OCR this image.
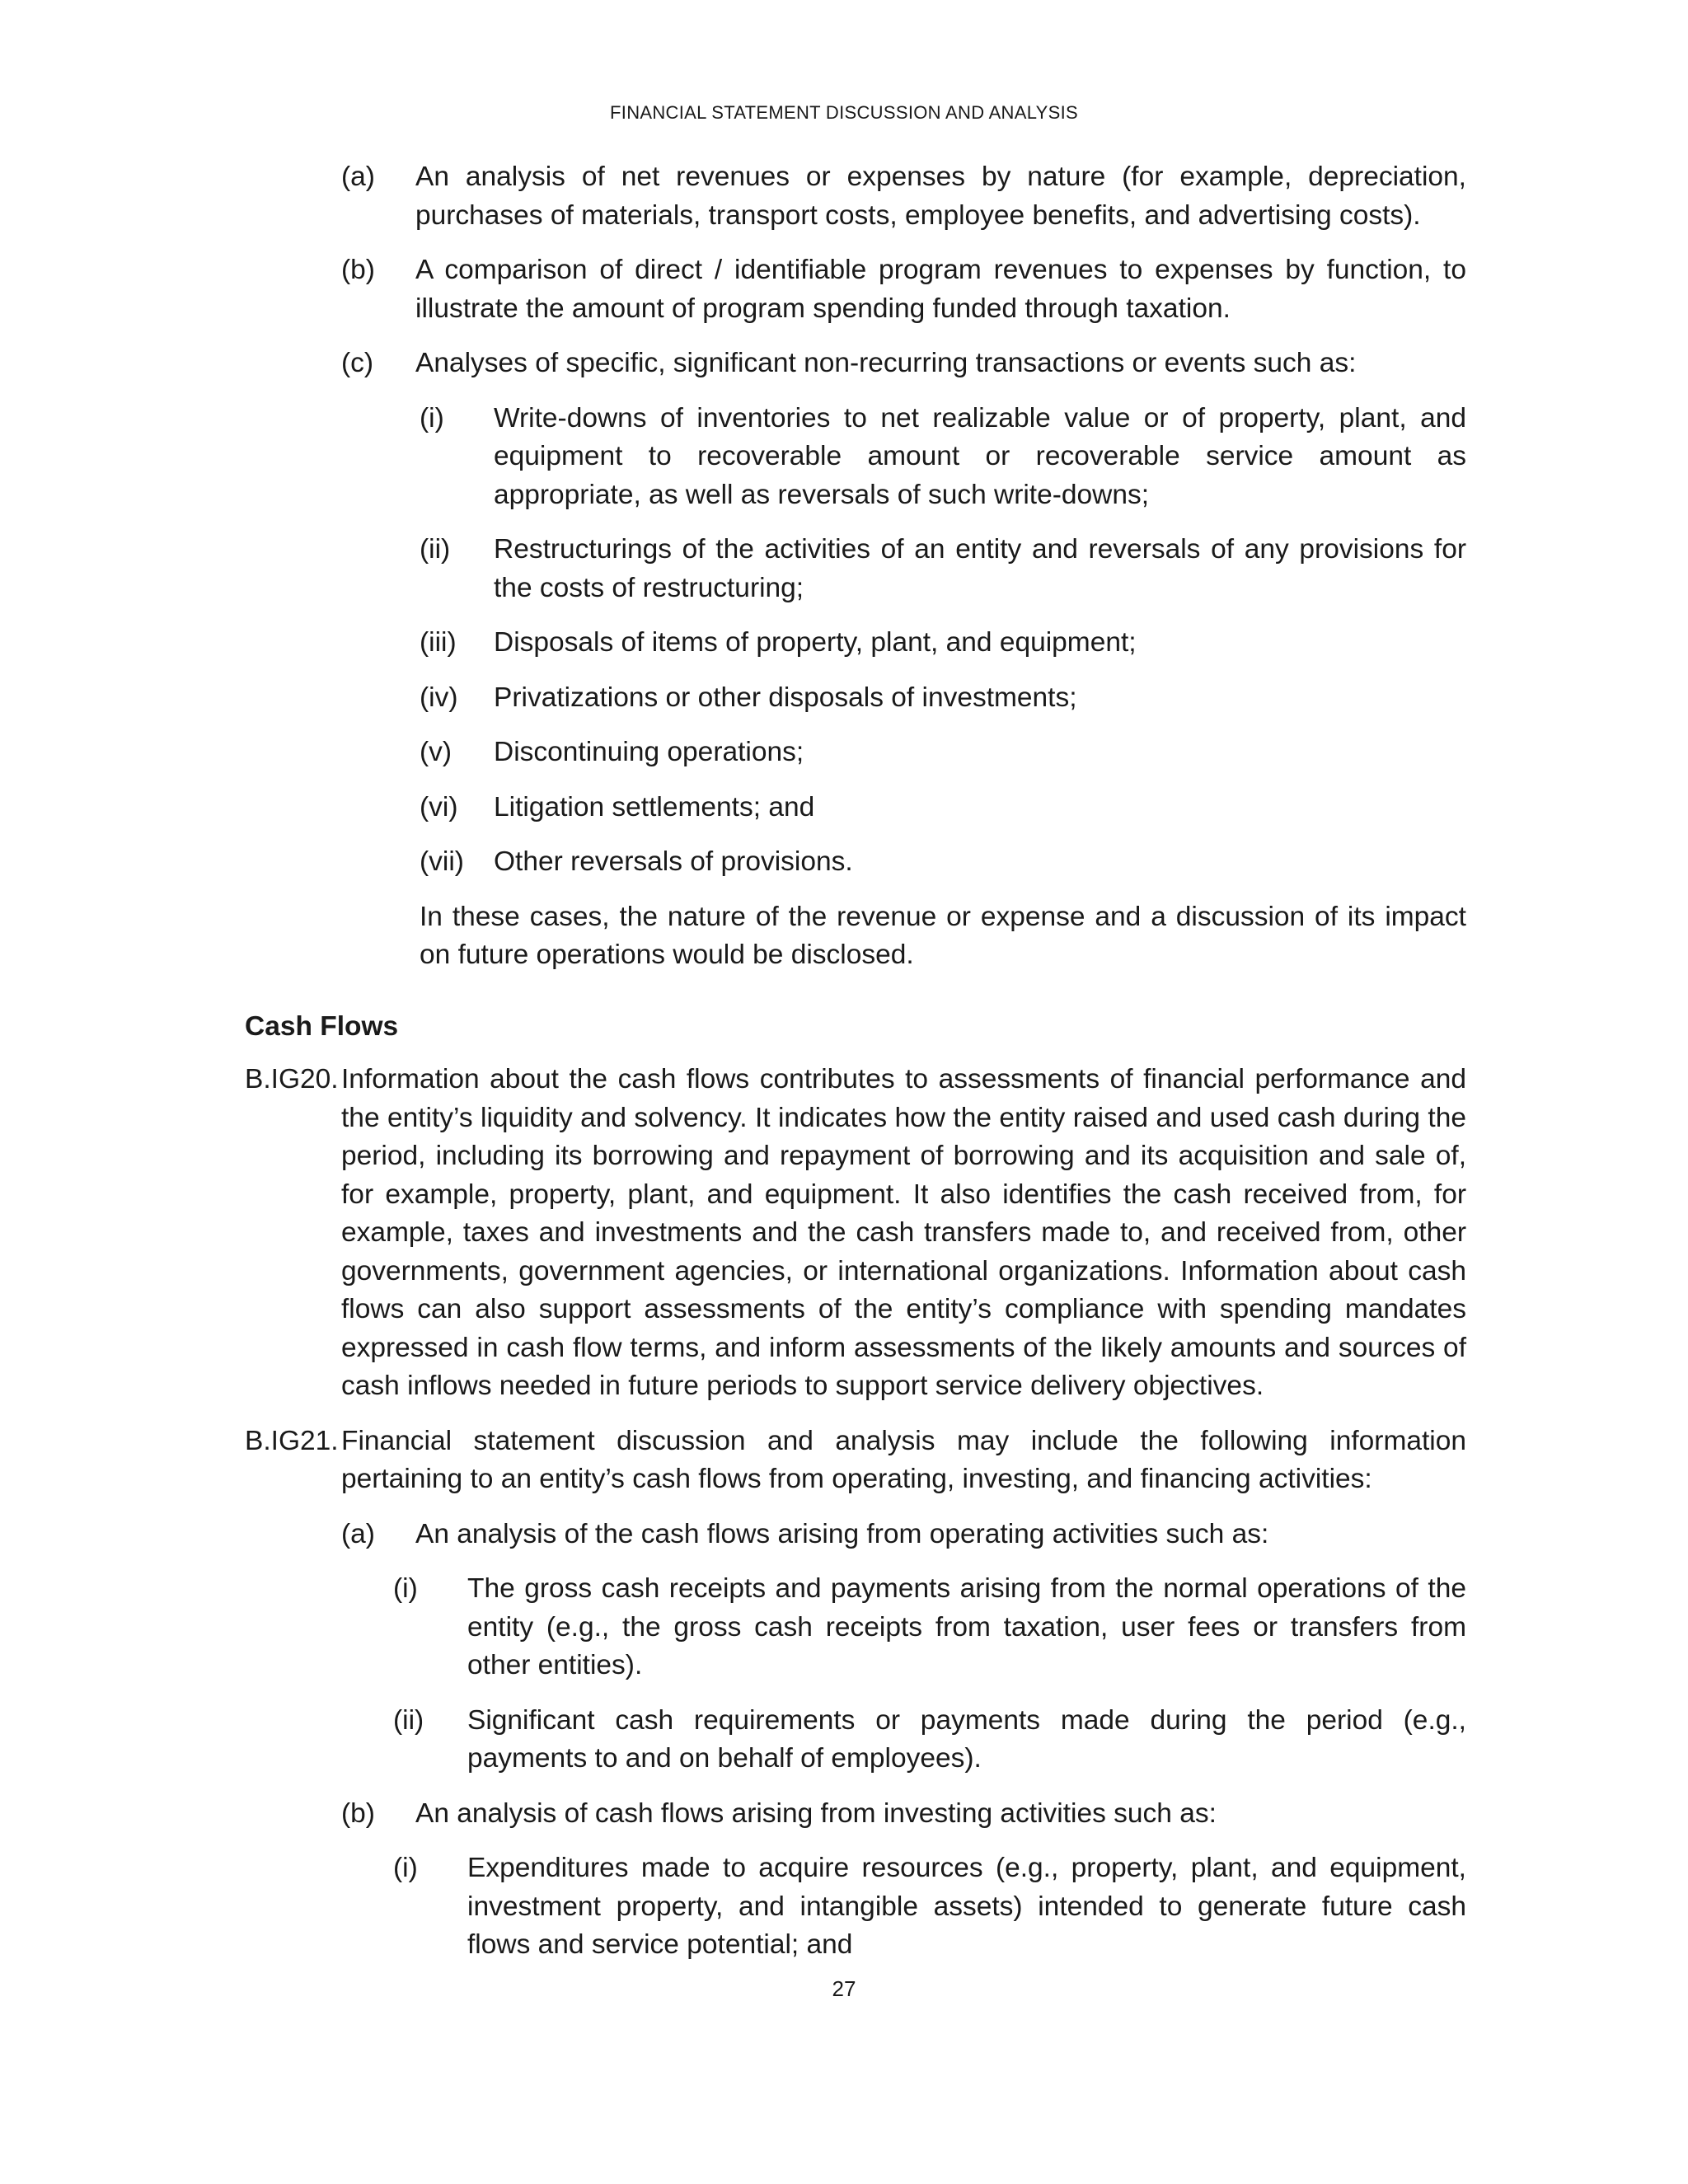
FINANCIAL STATEMENT DISCUSSION AND ANALYSIS
(a) An analysis of net revenues or expenses by nature (for example, depreciation, purchases of materials, transport costs, employee benefits, and advertising costs).
(b) A comparison of direct / identifiable program revenues to expenses by function, to illustrate the amount of program spending funded through taxation.
(c) Analyses of specific, significant non-recurring transactions or events such as:
(i) Write-downs of inventories to net realizable value or of property, plant, and equipment to recoverable amount or recoverable service amount as appropriate, as well as reversals of such write-downs;
(ii) Restructurings of the activities of an entity and reversals of any provisions for the costs of restructuring;
(iii) Disposals of items of property, plant, and equipment;
(iv) Privatizations or other disposals of investments;
(v) Discontinuing operations;
(vi) Litigation settlements; and
(vii) Other reversals of provisions.
In these cases, the nature of the revenue or expense and a discussion of its impact on future operations would be disclosed.
Cash Flows
B.IG20. Information about the cash flows contributes to assessments of financial performance and the entity’s liquidity and solvency. It indicates how the entity raised and used cash during the period, including its borrowing and repayment of borrowing and its acquisition and sale of, for example, property, plant, and equipment. It also identifies the cash received from, for example, taxes and investments and the cash transfers made to, and received from, other governments, government agencies, or international organizations. Information about cash flows can also support assessments of the entity’s compliance with spending mandates expressed in cash flow terms, and inform assessments of the likely amounts and sources of cash inflows needed in future periods to support service delivery objectives.
B.IG21. Financial statement discussion and analysis may include the following information pertaining to an entity’s cash flows from operating, investing, and financing activities:
(a) An analysis of the cash flows arising from operating activities such as:
(i) The gross cash receipts and payments arising from the normal operations of the entity (e.g., the gross cash receipts from taxation, user fees or transfers from other entities).
(ii) Significant cash requirements or payments made during the period (e.g., payments to and on behalf of employees).
(b) An analysis of cash flows arising from investing activities such as:
(i) Expenditures made to acquire resources (e.g., property, plant, and equipment, investment property, and intangible assets) intended to generate future cash flows and service potential; and
27
